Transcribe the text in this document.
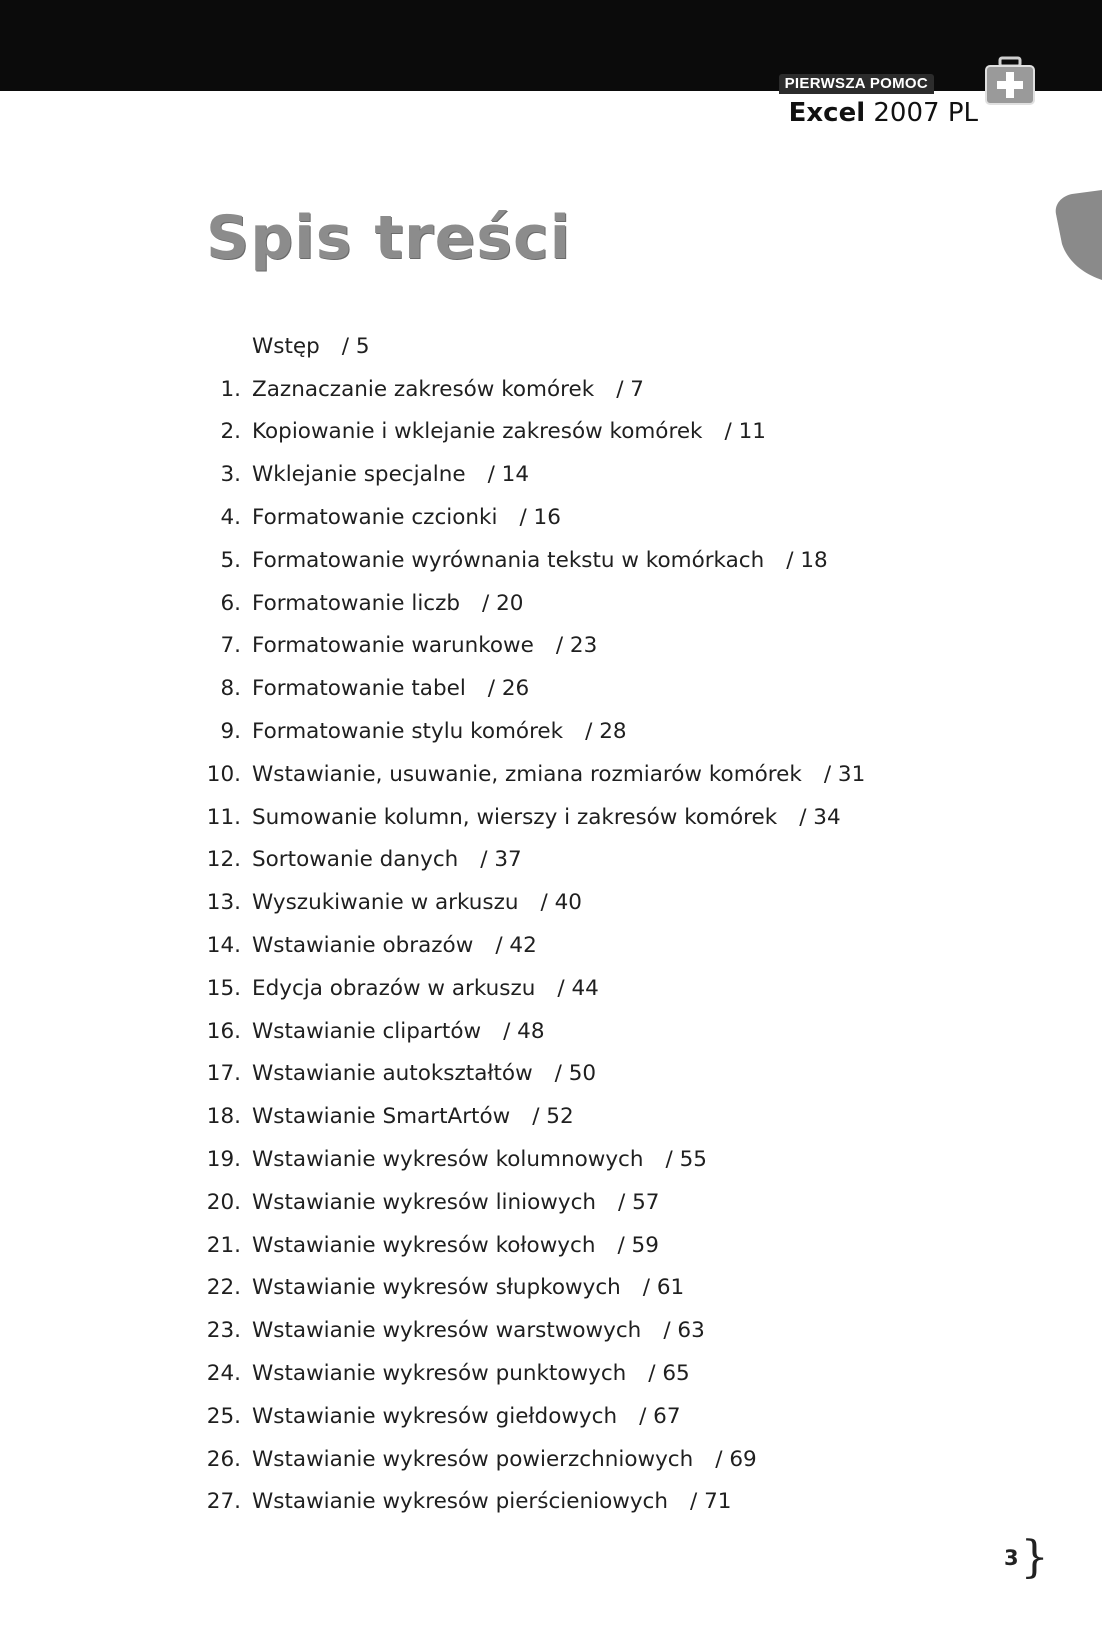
PIERWSZA POMOC
Excel 2007 PL
Spis treści
Wstęp / 5
1. Zaznaczanie zakresów komórek / 7
2. Kopiowanie i wklejanie zakresów komórek / 11
3. Wklejanie specjalne / 14
4. Formatowanie czcionki / 16
5. Formatowanie wyrównania tekstu w komórkach / 18
6. Formatowanie liczb / 20
7. Formatowanie warunkowe / 23
8. Formatowanie tabel / 26
9. Formatowanie stylu komórek / 28
10. Wstawianie, usuwanie, zmiana rozmiarów komórek / 31
11. Sumowanie kolumn, wierszy i zakresów komórek / 34
12. Sortowanie danych / 37
13. Wyszukiwanie w arkuszu / 40
14. Wstawianie obrazów / 42
15. Edycja obrazów w arkuszu / 44
16. Wstawianie clipartów / 48
17. Wstawianie autokształtów / 50
18. Wstawianie SmartArtów / 52
19. Wstawianie wykresów kolumnowych / 55
20. Wstawianie wykresów liniowych / 57
21. Wstawianie wykresów kołowych / 59
22. Wstawianie wykresów słupkowych / 61
23. Wstawianie wykresów warstwowych / 63
24. Wstawianie wykresów punktowych / 65
25. Wstawianie wykresów giełdowych / 67
26. Wstawianie wykresów powierzchniowych / 69
27. Wstawianie wykresów pierścieniowych / 71
3 }
